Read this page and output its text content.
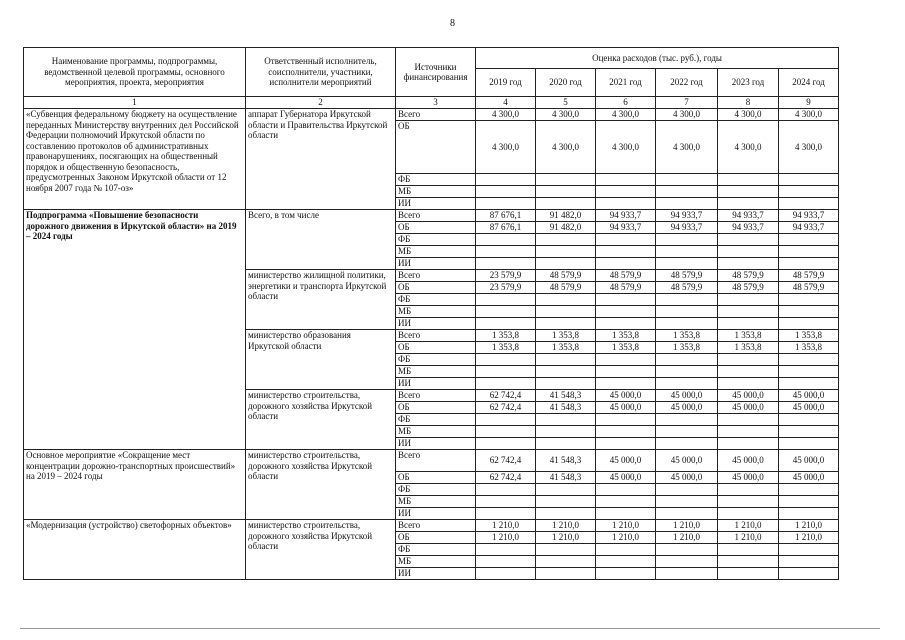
8
Наименование программы, подпрограммы, ведомственной целевой программы, основного мероприятия, проекта, мероприятия	Ответственный исполнитель, соисполнители, участники, исполнители мероприятий	Источники финансирования	Оценка расходов (тыс. руб.), годы					
			2019 год	2020 год	2021 год	2022 год	2023 год	2024 год
1	2	3	4	5	6	7	8	9
«Субвенция федеральному бюджету на осуществление переданных Министерству внутренних дел Российской Федерации полномочий Иркутской области по составлению протоколов об административных правонарушениях, посягающих на общественный порядок и общественную безопасность, предусмотренных Законом Иркутской области от 12 ноября 2007 года № 107-оз»	аппарат Губернатора Иркутской области и Правительства Иркутской области	Всего	4 300,0	4 300,0	4 300,0	4 300,0	4 300,0	4 300,0
		ОБ	4 300,0	4 300,0	4 300,0	4 300,0	4 300,0	4 300,0
		ФБ						
		МБ						
		ИИ						
Подпрограмма «Повышение безопасности дорожного движения в Иркутской области» на 2019 – 2024 годы	Всего, в том числе	Всего	87 676,1	91 482,0	94 933,7	94 933,7	94 933,7	94 933,7
		ОБ	87 676,1	91 482,0	94 933,7	94 933,7	94 933,7	94 933,7
		ФБ						
		МБ						
		ИИ						
	министерство жилищной политики, энергетики и транспорта Иркутской области	Всего	23 579,9	48 579,9	48 579,9	48 579,9	48 579,9	48 579,9
		ОБ	23 579,9	48 579,9	48 579,9	48 579,9	48 579,9	48 579,9
		ФБ						
		МБ						
		ИИ						
	министерство образования Иркутской области	Всего	1 353,8	1 353,8	1 353,8	1 353,8	1 353,8	1 353,8
		ОБ	1 353,8	1 353,8	1 353,8	1 353,8	1 353,8	1 353,8
		ФБ						
		МБ						
		ИИ						
	министерство строительства, дорожного хозяйства Иркутской области	Всего	62 742,4	41 548,3	45 000,0	45 000,0	45 000,0	45 000,0
		ОБ	62 742,4	41 548,3	45 000,0	45 000,0	45 000,0	45 000,0
		ФБ						
		МБ						
		ИИ						
Основное мероприятие «Сокращение мест концентрации дорожно-транспортных происшествий» на 2019 – 2024 годы	министерство строительства, дорожного хозяйства Иркутской области	Всего	62 742,4	41 548,3	45 000,0	45 000,0	45 000,0	45 000,0
		ОБ	62 742,4	41 548,3	45 000,0	45 000,0	45 000,0	45 000,0
		ФБ						
		МБ						
		ИИ						
«Модернизация (устройство) светофорных объектов»	министерство строительства, дорожного хозяйства Иркутской области	Всего	1 210,0	1 210,0	1 210,0	1 210,0	1 210,0	1 210,0
		ОБ	1 210,0	1 210,0	1 210,0	1 210,0	1 210,0	1 210,0
		ФБ						
		МБ						
		ИИ						
